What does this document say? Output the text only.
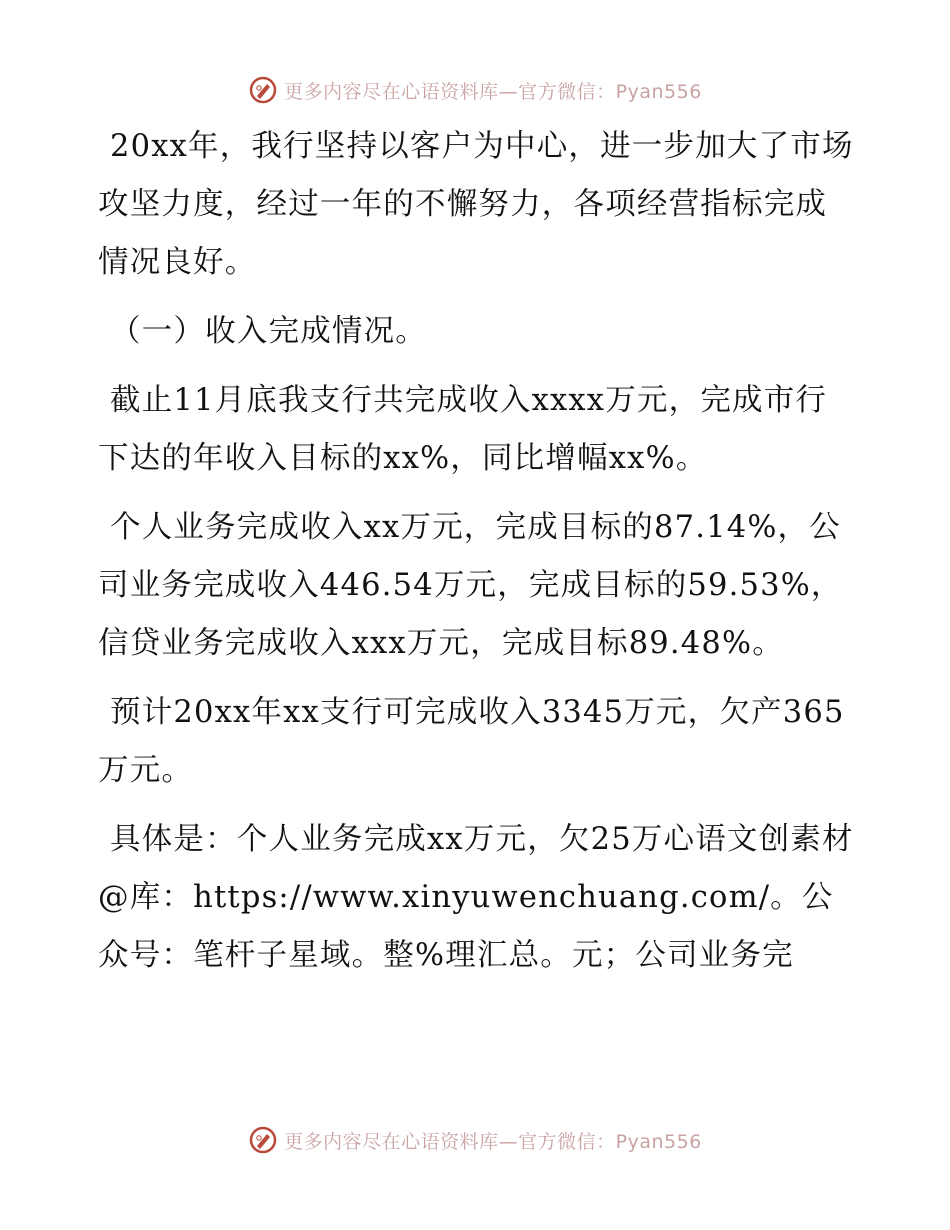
更多内容尽在心语资料库—官方微信：Pyan556

20xx年，我行坚持以客户为中心，进一步加大了市场攻坚力度，经过一年的不懈努力，各项经营指标完成情况良好。

（一）收入完成情况。

截止11月底我支行共完成收入xxxx万元，完成市行下达的年收入目标的xx%，同比增幅xx%。

个人业务完成收入xx万元，完成目标的87.14%，公司业务完成收入446.54万元，完成目标的59.53%，信贷业务完成收入xxx万元，完成目标89.48%。

预计20xx年xx支行可完成收入3345万元，欠产365万元。

具体是：个人业务完成xx万元，欠25万心语文创素材@库：https://www.xinyuwenchuang.com/。公众号：笔杆子星域。整%理汇总。元；公司业务完

更多内容尽在心语资料库—官方微信：Pyan556
